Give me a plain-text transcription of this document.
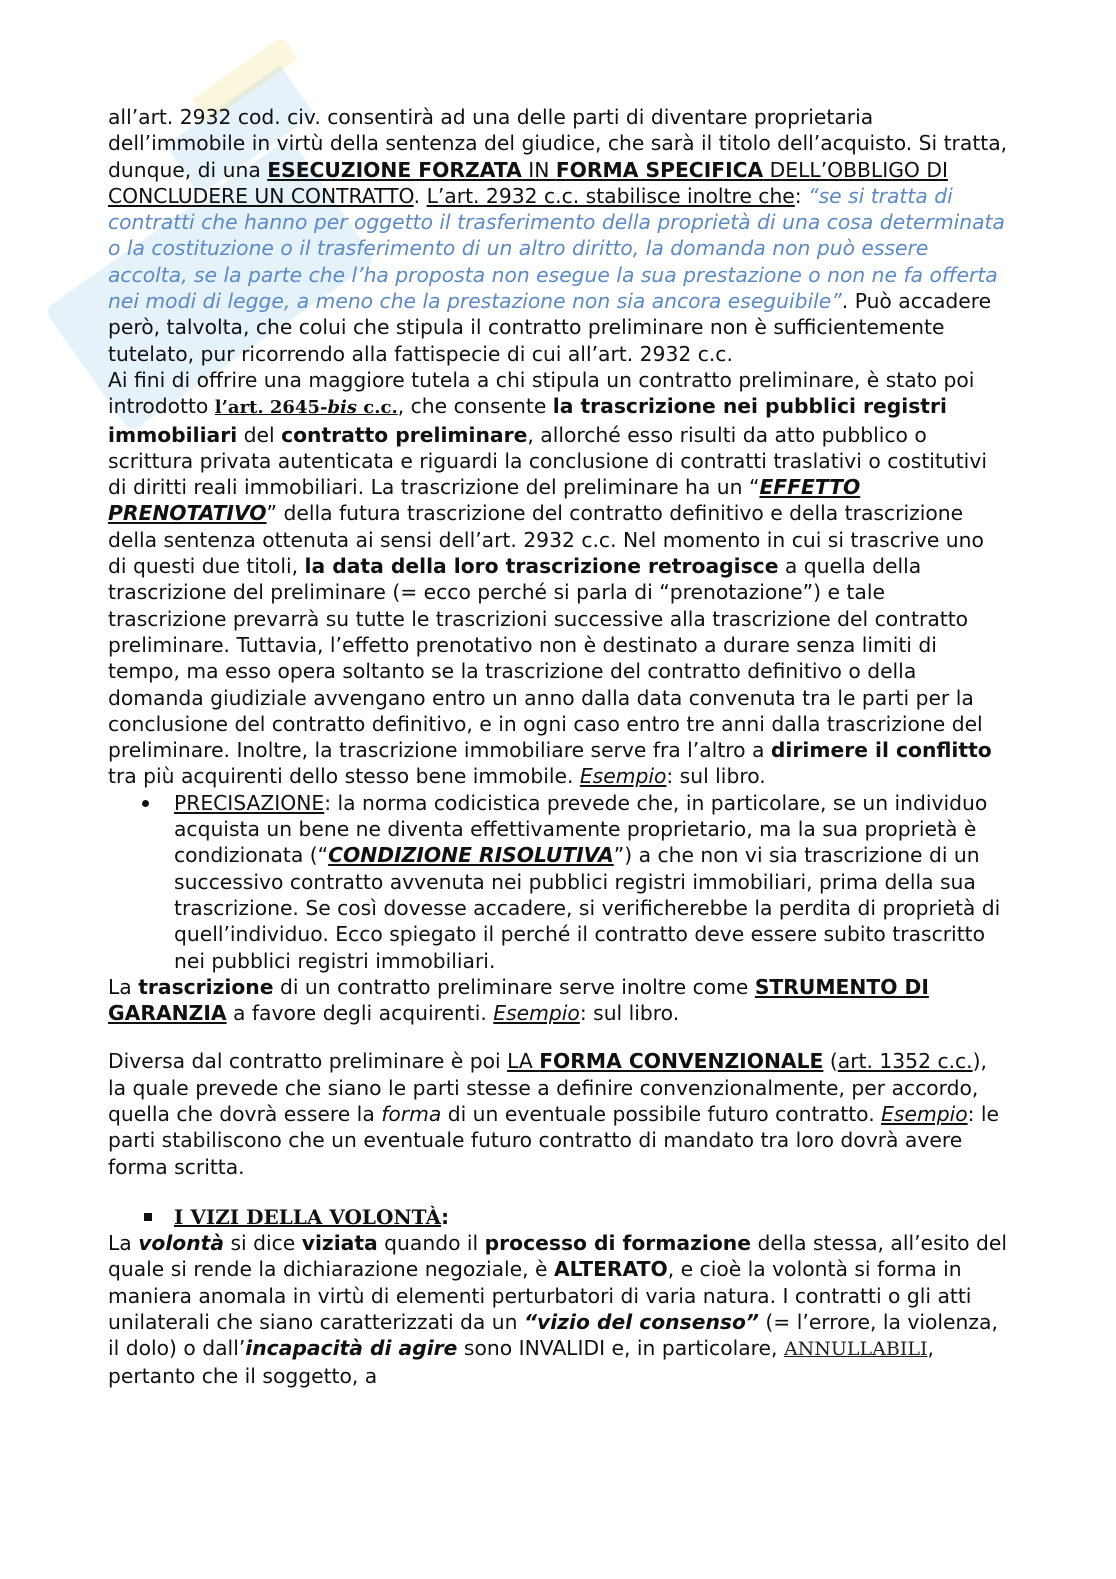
all’art. 2932 cod. civ. consentirà ad una delle parti di diventare proprietaria dell’immobile in virtù della sentenza del giudice, che sarà il titolo dell’acquisto. Si tratta, dunque, di una ESECUZIONE FORZATA IN FORMA SPECIFICA DELL’OBBLIGO DI CONCLUDERE UN CONTRATTO. L’art. 2932 c.c. stabilisce inoltre che: “se si tratta di contratti che hanno per oggetto il trasferimento della proprietà di una cosa determinata o la costituzione o il trasferimento di un altro diritto, la domanda non può essere accolta, se la parte che l’ha proposta non esegue la sua prestazione o non ne fa offerta nei modi di legge, a meno che la prestazione non sia ancora eseguibile”. Può accadere però, talvolta, che colui che stipula il contratto preliminare non è sufficientemente tutelato, pur ricorrendo alla fattispecie di cui all’art. 2932 c.c.

Ai fini di offrire una maggiore tutela a chi stipula un contratto preliminare, è stato poi introdotto l’art. 2645-bis c.c., che consente la trascrizione nei pubblici registri immobiliari del contratto preliminare, allorché esso risulti da atto pubblico o scrittura privata autenticata e riguardi la conclusione di contratti traslativi o costitutivi di diritti reali immobiliari. La trascrizione del preliminare ha un “EFFETTO PRENOTATIVO” della futura trascrizione del contratto definitivo e della trascrizione della sentenza ottenuta ai sensi dell’art. 2932 c.c. Nel momento in cui si trascrive uno di questi due titoli, la data della loro trascrizione retroagisce a quella della trascrizione del preliminare (= ecco perché si parla di “prenotazione”) e tale trascrizione prevarrà su tutte le trascrizioni successive alla trascrizione del contratto preliminare. Tuttavia, l’effetto prenotativo non è destinato a durare senza limiti di tempo, ma esso opera soltanto se la trascrizione del contratto definitivo o della domanda giudiziale avvengano entro un anno dalla data convenuta tra le parti per la conclusione del contratto definitivo, e in ogni caso entro tre anni dalla trascrizione del preliminare. Inoltre, la trascrizione immobiliare serve fra l’altro a dirimere il conflitto tra più acquirenti dello stesso bene immobile. Esempio: sul libro.

PRECISAZIONE: la norma codicistica prevede che, in particolare, se un individuo acquista un bene ne diventa effettivamente proprietario, ma la sua proprietà è condizionata (“CONDIZIONE RISOLUTIVA”) a che non vi sia trascrizione di un successivo contratto avvenuta nei pubblici registri immobiliari, prima della sua trascrizione. Se così dovesse accadere, si verificherebbe la perdita di proprietà di quell’individuo. Ecco spiegato il perché il contratto deve essere subito trascritto nei pubblici registri immobiliari.

La trascrizione di un contratto preliminare serve inoltre come STRUMENTO DI GARANZIA a favore degli acquirenti. Esempio: sul libro.

Diversa dal contratto preliminare è poi LA FORMA CONVENZIONALE (art. 1352 c.c.), la quale prevede che siano le parti stesse a definire convenzionalmente, per accordo, quella che dovrà essere la forma di un eventuale possibile futuro contratto. Esempio: le parti stabiliscono che un eventuale futuro contratto di mandato tra loro dovrà avere forma scritta.

I VIZI DELLA VOLONTÀ:

La volontà si dice viziata quando il processo di formazione della stessa, all’esito del quale si rende la dichiarazione negoziale, è ALTERATO, e cioè la volontà si forma in maniera anomala in virtù di elementi perturbatori di varia natura. I contratti o gli atti unilaterali che siano caratterizzati da un “vizio del consenso” (= l’errore, la violenza, il dolo) o dall’incapacità di agire sono INVALIDI e, in particolare, ANNULLABILI, pertanto che il soggetto, a
